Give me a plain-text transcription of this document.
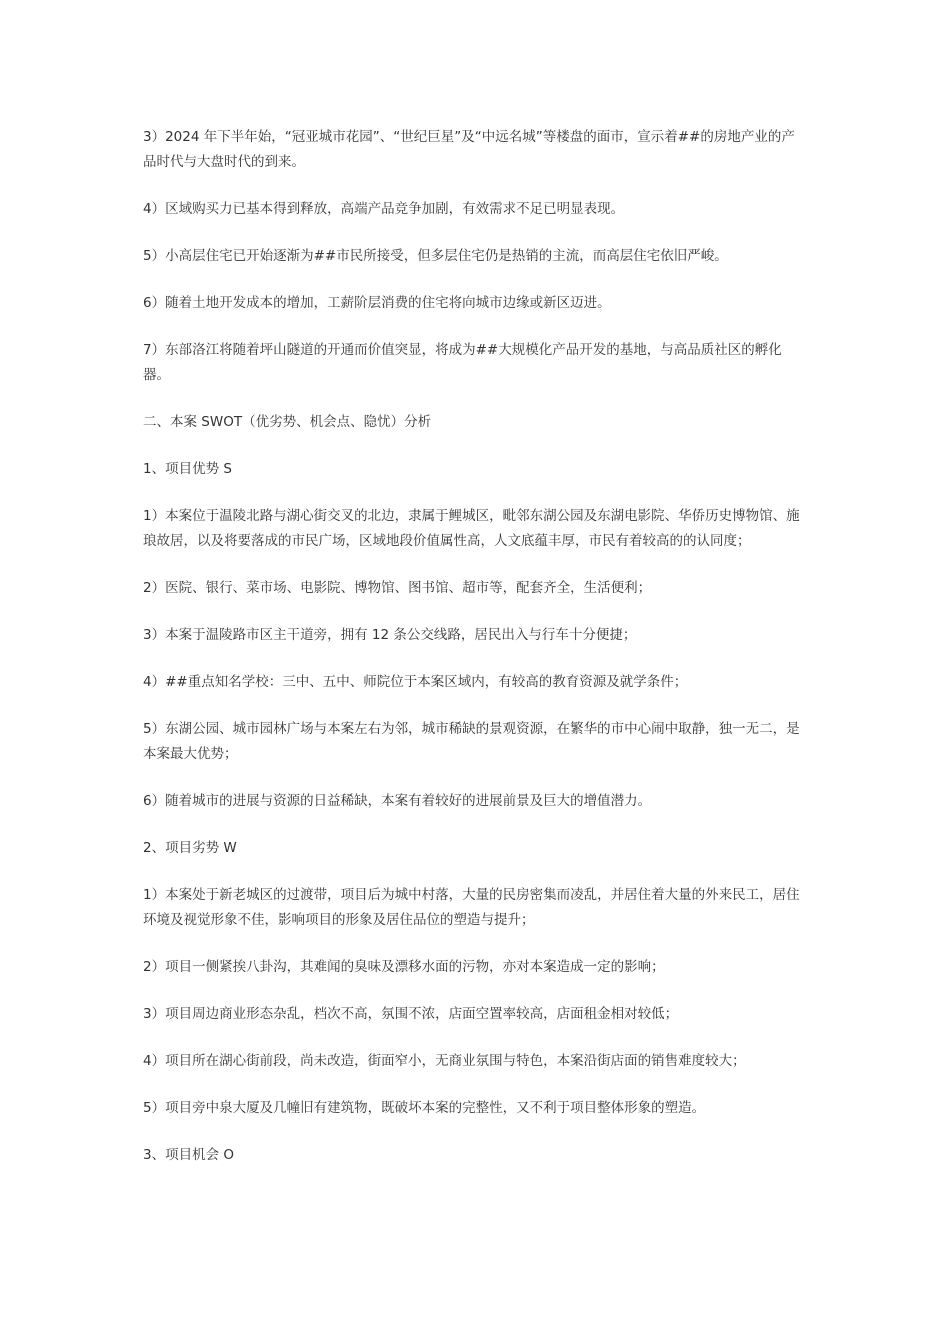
3）2024 年下半年始，“冠亚城市花园”、“世纪巨星”及“中远名城”等楼盘的面市，宣示着##的房地产业的产品时代与大盘时代的到来。

4）区域购买力已基本得到释放，高端产品竞争加剧，有效需求不足已明显表现。

5）小高层住宅已开始逐渐为##市民所接受，但多层住宅仍是热销的主流，而高层住宅依旧严峻。

6）随着土地开发成本的增加，工薪阶层消费的住宅将向城市边缘或新区迈进。

7）东部洛江将随着坪山隧道的开通而价值突显，将成为##大规模化产品开发的基地，与高品质社区的孵化器。

二、本案 SWOT（优劣势、机会点、隐忧）分析

1、项目优势 S

1）本案位于温陵北路与湖心街交叉的北边，隶属于鲤城区，毗邻东湖公园及东湖电影院、华侨历史博物馆、施琅故居，以及将要落成的市民广场，区域地段价值属性高，人文底蕴丰厚，市民有着较高的的认同度；

2）医院、银行、菜市场、电影院、博物馆、图书馆、超市等，配套齐全，生活便利；

3）本案于温陵路市区主干道旁，拥有 12 条公交线路，居民出入与行车十分便捷；

4）##重点知名学校：三中、五中、师院位于本案区域内，有较高的教育资源及就学条件；

5）东湖公园、城市园林广场与本案左右为邻，城市稀缺的景观资源，在繁华的市中心闹中取静，独一无二，是本案最大优势；

6）随着城市的进展与资源的日益稀缺，本案有着较好的进展前景及巨大的增值潜力。

2、项目劣势 W

1）本案处于新老城区的过渡带，项目后为城中村落，大量的民房密集而凌乱，并居住着大量的外来民工，居住环境及视觉形象不佳，影响项目的形象及居住品位的塑造与提升；

2）项目一侧紧挨八卦沟，其难闻的臭味及漂移水面的污物，亦对本案造成一定的影响；

3）项目周边商业形态杂乱，档次不高，氛围不浓，店面空置率较高，店面租金相对较低；

4）项目所在湖心街前段，尚未改造，街面窄小，无商业氛围与特色，本案沿街店面的销售难度较大；

5）项目旁中泉大厦及几幢旧有建筑物，既破坏本案的完整性，又不利于项目整体形象的塑造。

3、项目机会 O
